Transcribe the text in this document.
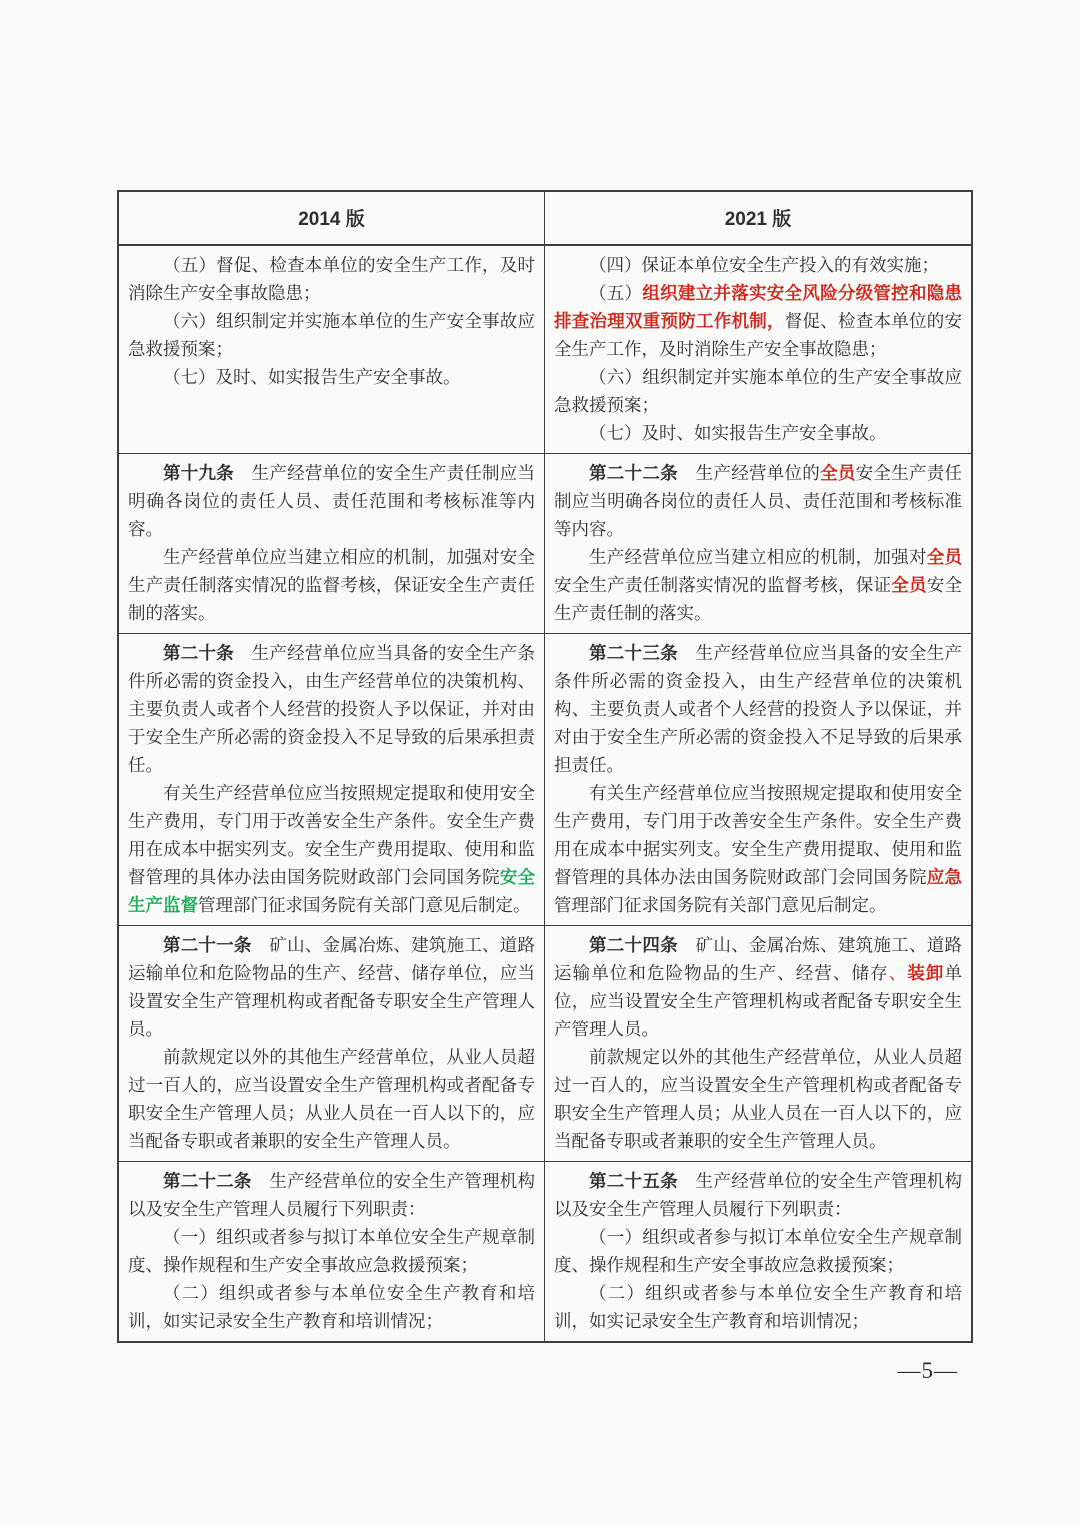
2014 版	2021 版

（五）督促、检查本单位的安全生产工作，及时消除生产安全事故隐患；

（六）组织制定并实施本单位的生产安全事故应急救援预案；

（七）及时、如实报告生产安全事故。

（四）保证本单位安全生产投入的有效实施；

（五）组织建立并落实安全风险分级管控和隐患排查治理双重预防工作机制，督促、检查本单位的安全生产工作，及时消除生产安全事故隐患；

（六）组织制定并实施本单位的生产安全事故应急救援预案；

（七）及时、如实报告生产安全事故。

第十九条　生产经营单位的安全生产责任制应当明确各岗位的责任人员、责任范围和考核标准等内容。

生产经营单位应当建立相应的机制，加强对安全生产责任制落实情况的监督考核，保证安全生产责任制的落实。

第二十二条　生产经营单位的全员安全生产责任制应当明确各岗位的责任人员、责任范围和考核标准等内容。

生产经营单位应当建立相应的机制，加强对全员安全生产责任制落实情况的监督考核，保证全员安全生产责任制的落实。

第二十条　生产经营单位应当具备的安全生产条件所必需的资金投入，由生产经营单位的决策机构、主要负责人或者个人经营的投资人予以保证，并对由于安全生产所必需的资金投入不足导致的后果承担责任。

有关生产经营单位应当按照规定提取和使用安全生产费用，专门用于改善安全生产条件。安全生产费用在成本中据实列支。安全生产费用提取、使用和监督管理的具体办法由国务院财政部门会同国务院安全生产监督管理部门征求国务院有关部门意见后制定。

第二十三条　生产经营单位应当具备的安全生产条件所必需的资金投入，由生产经营单位的决策机构、主要负责人或者个人经营的投资人予以保证，并对由于安全生产所必需的资金投入不足导致的后果承担责任。

有关生产经营单位应当按照规定提取和使用安全生产费用，专门用于改善安全生产条件。安全生产费用在成本中据实列支。安全生产费用提取、使用和监督管理的具体办法由国务院财政部门会同国务院应急管理部门征求国务院有关部门意见后制定。

第二十一条　矿山、金属冶炼、建筑施工、道路运输单位和危险物品的生产、经营、储存单位，应当设置安全生产管理机构或者配备专职安全生产管理人员。

前款规定以外的其他生产经营单位，从业人员超过一百人的，应当设置安全生产管理机构或者配备专职安全生产管理人员；从业人员在一百人以下的，应当配备专职或者兼职的安全生产管理人员。

第二十四条　矿山、金属冶炼、建筑施工、道路运输单位和危险物品的生产、经营、储存、装卸单位，应当设置安全生产管理机构或者配备专职安全生产管理人员。

前款规定以外的其他生产经营单位，从业人员超过一百人的，应当设置安全生产管理机构或者配备专职安全生产管理人员；从业人员在一百人以下的，应当配备专职或者兼职的安全生产管理人员。

第二十二条　生产经营单位的安全生产管理机构以及安全生产管理人员履行下列职责：

（一）组织或者参与拟订本单位安全生产规章制度、操作规程和生产安全事故应急救援预案；

（二）组织或者参与本单位安全生产教育和培训，如实记录安全生产教育和培训情况；

第二十五条　生产经营单位的安全生产管理机构以及安全生产管理人员履行下列职责：

（一）组织或者参与拟订本单位安全生产规章制度、操作规程和生产安全事故应急救援预案；

（二）组织或者参与本单位安全生产教育和培训，如实记录安全生产教育和培训情况；

—5—
